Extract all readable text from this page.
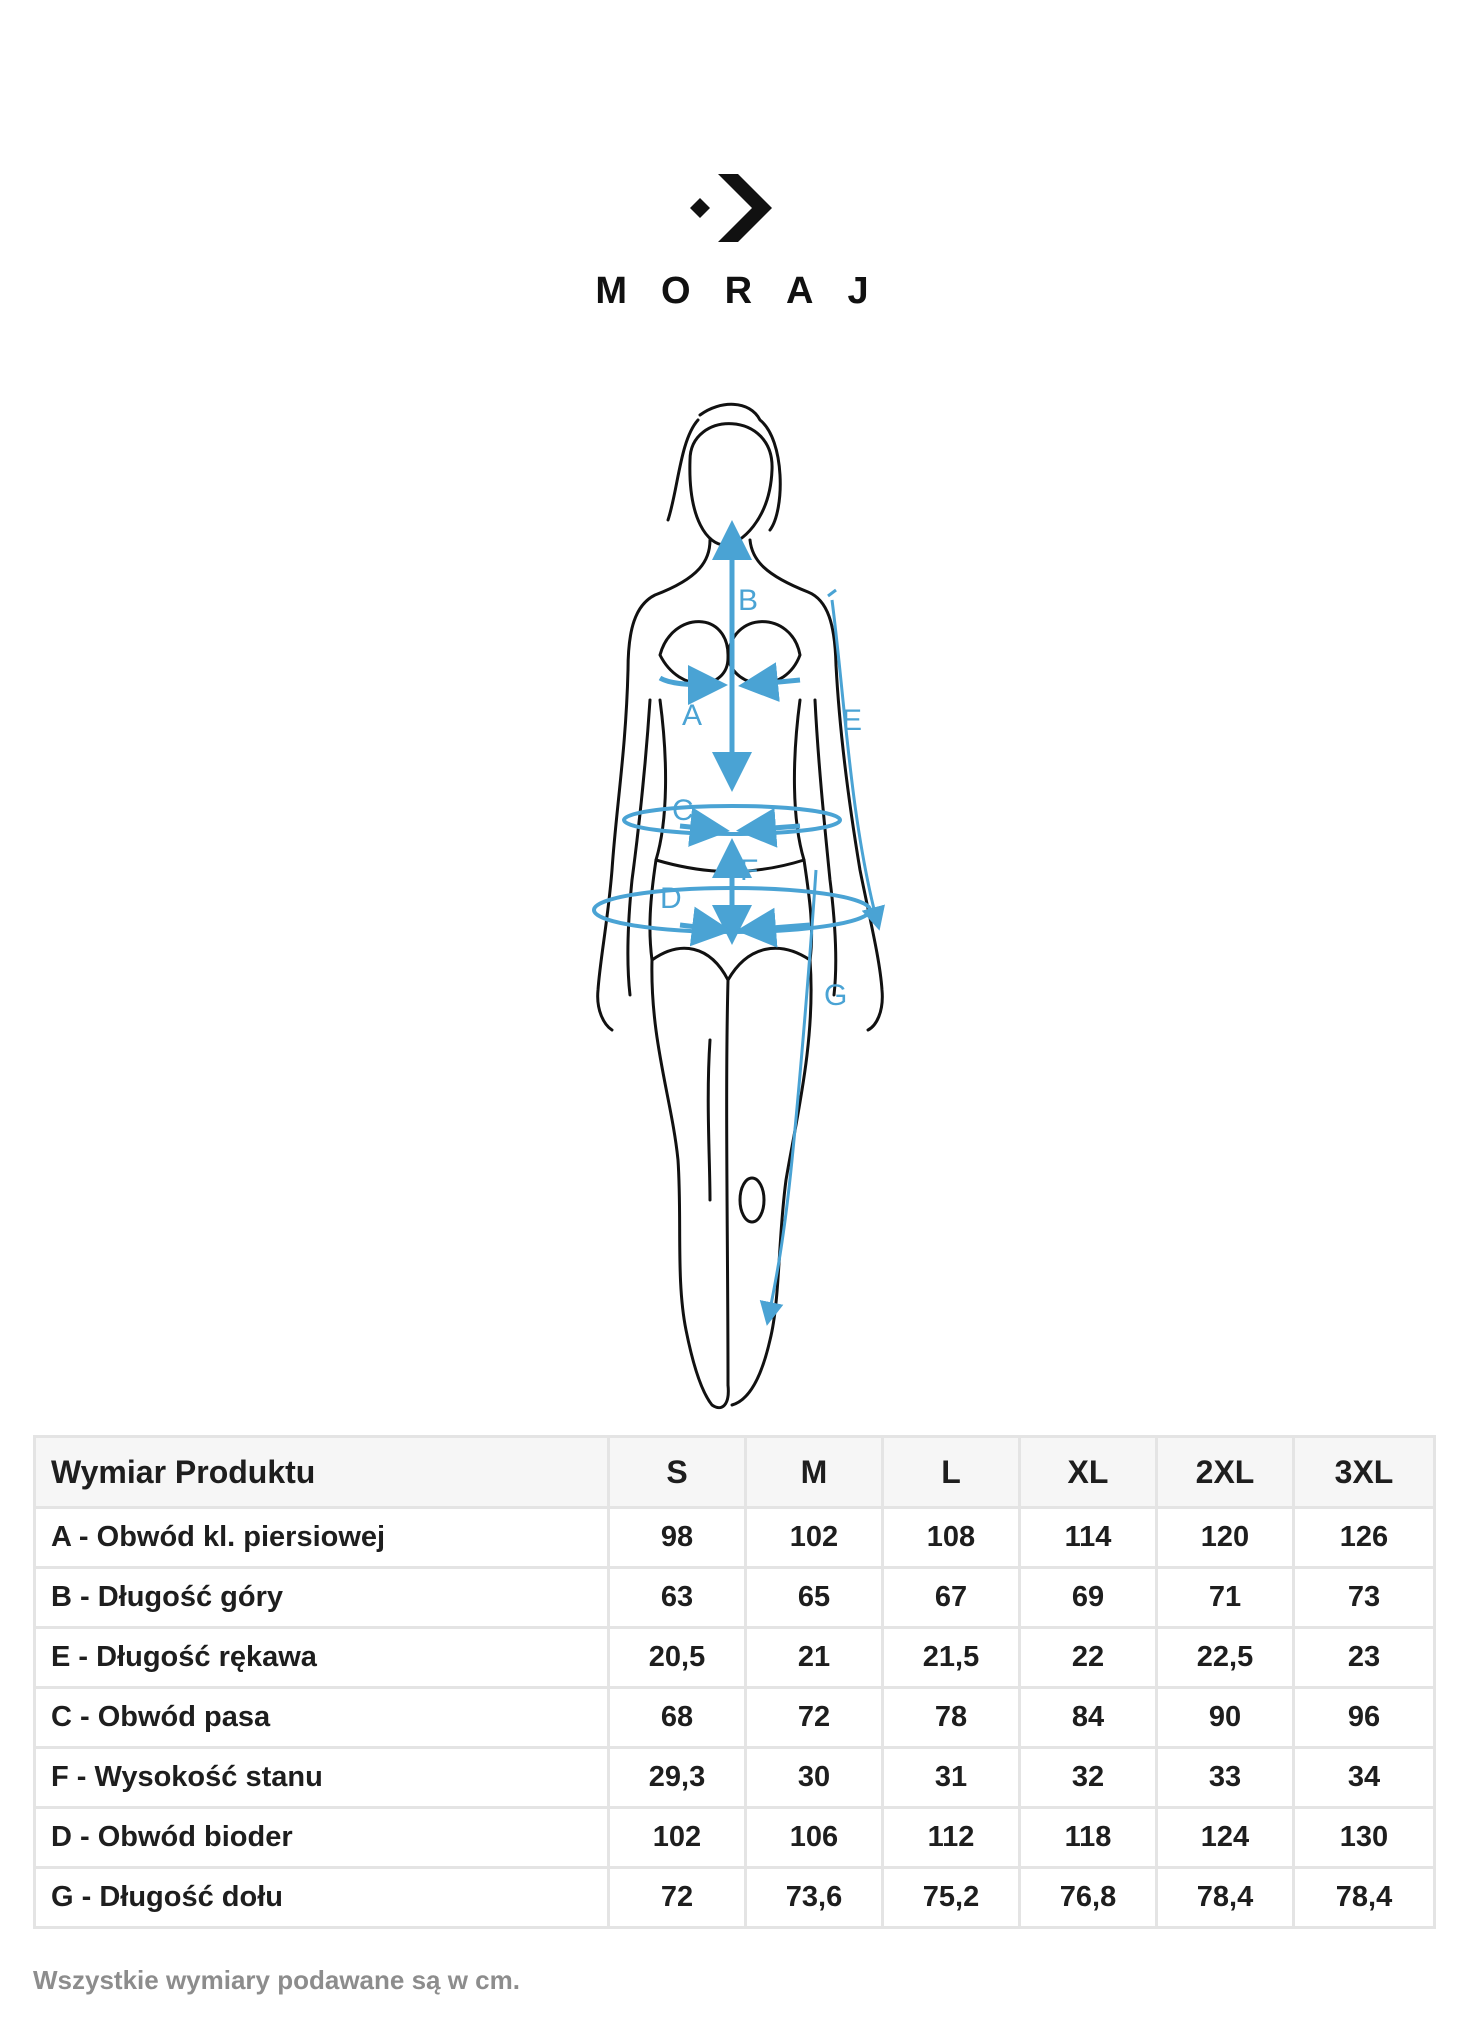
MORAJ
B
A	E
C
F
D
G
Wymiar Produktu	S	M	L	XL	2XL	3XL
A - Obwód kl. piersiowej	98	102	108	114	120	126
B - Długość góry	63	65	67	69	71	73
E - Długość rękawa	20,5	21	21,5	22	22,5	23
C - Obwód pasa	68	72	78	84	90	96
F - Wysokość stanu	29,3	30	31	32	33	34
D - Obwód bioder	102	106	112	118	124	130
G - Długość dołu	72	73,6	75,2	76,8	78,4	78,4
Wszystkie wymiary podawane są w cm.
